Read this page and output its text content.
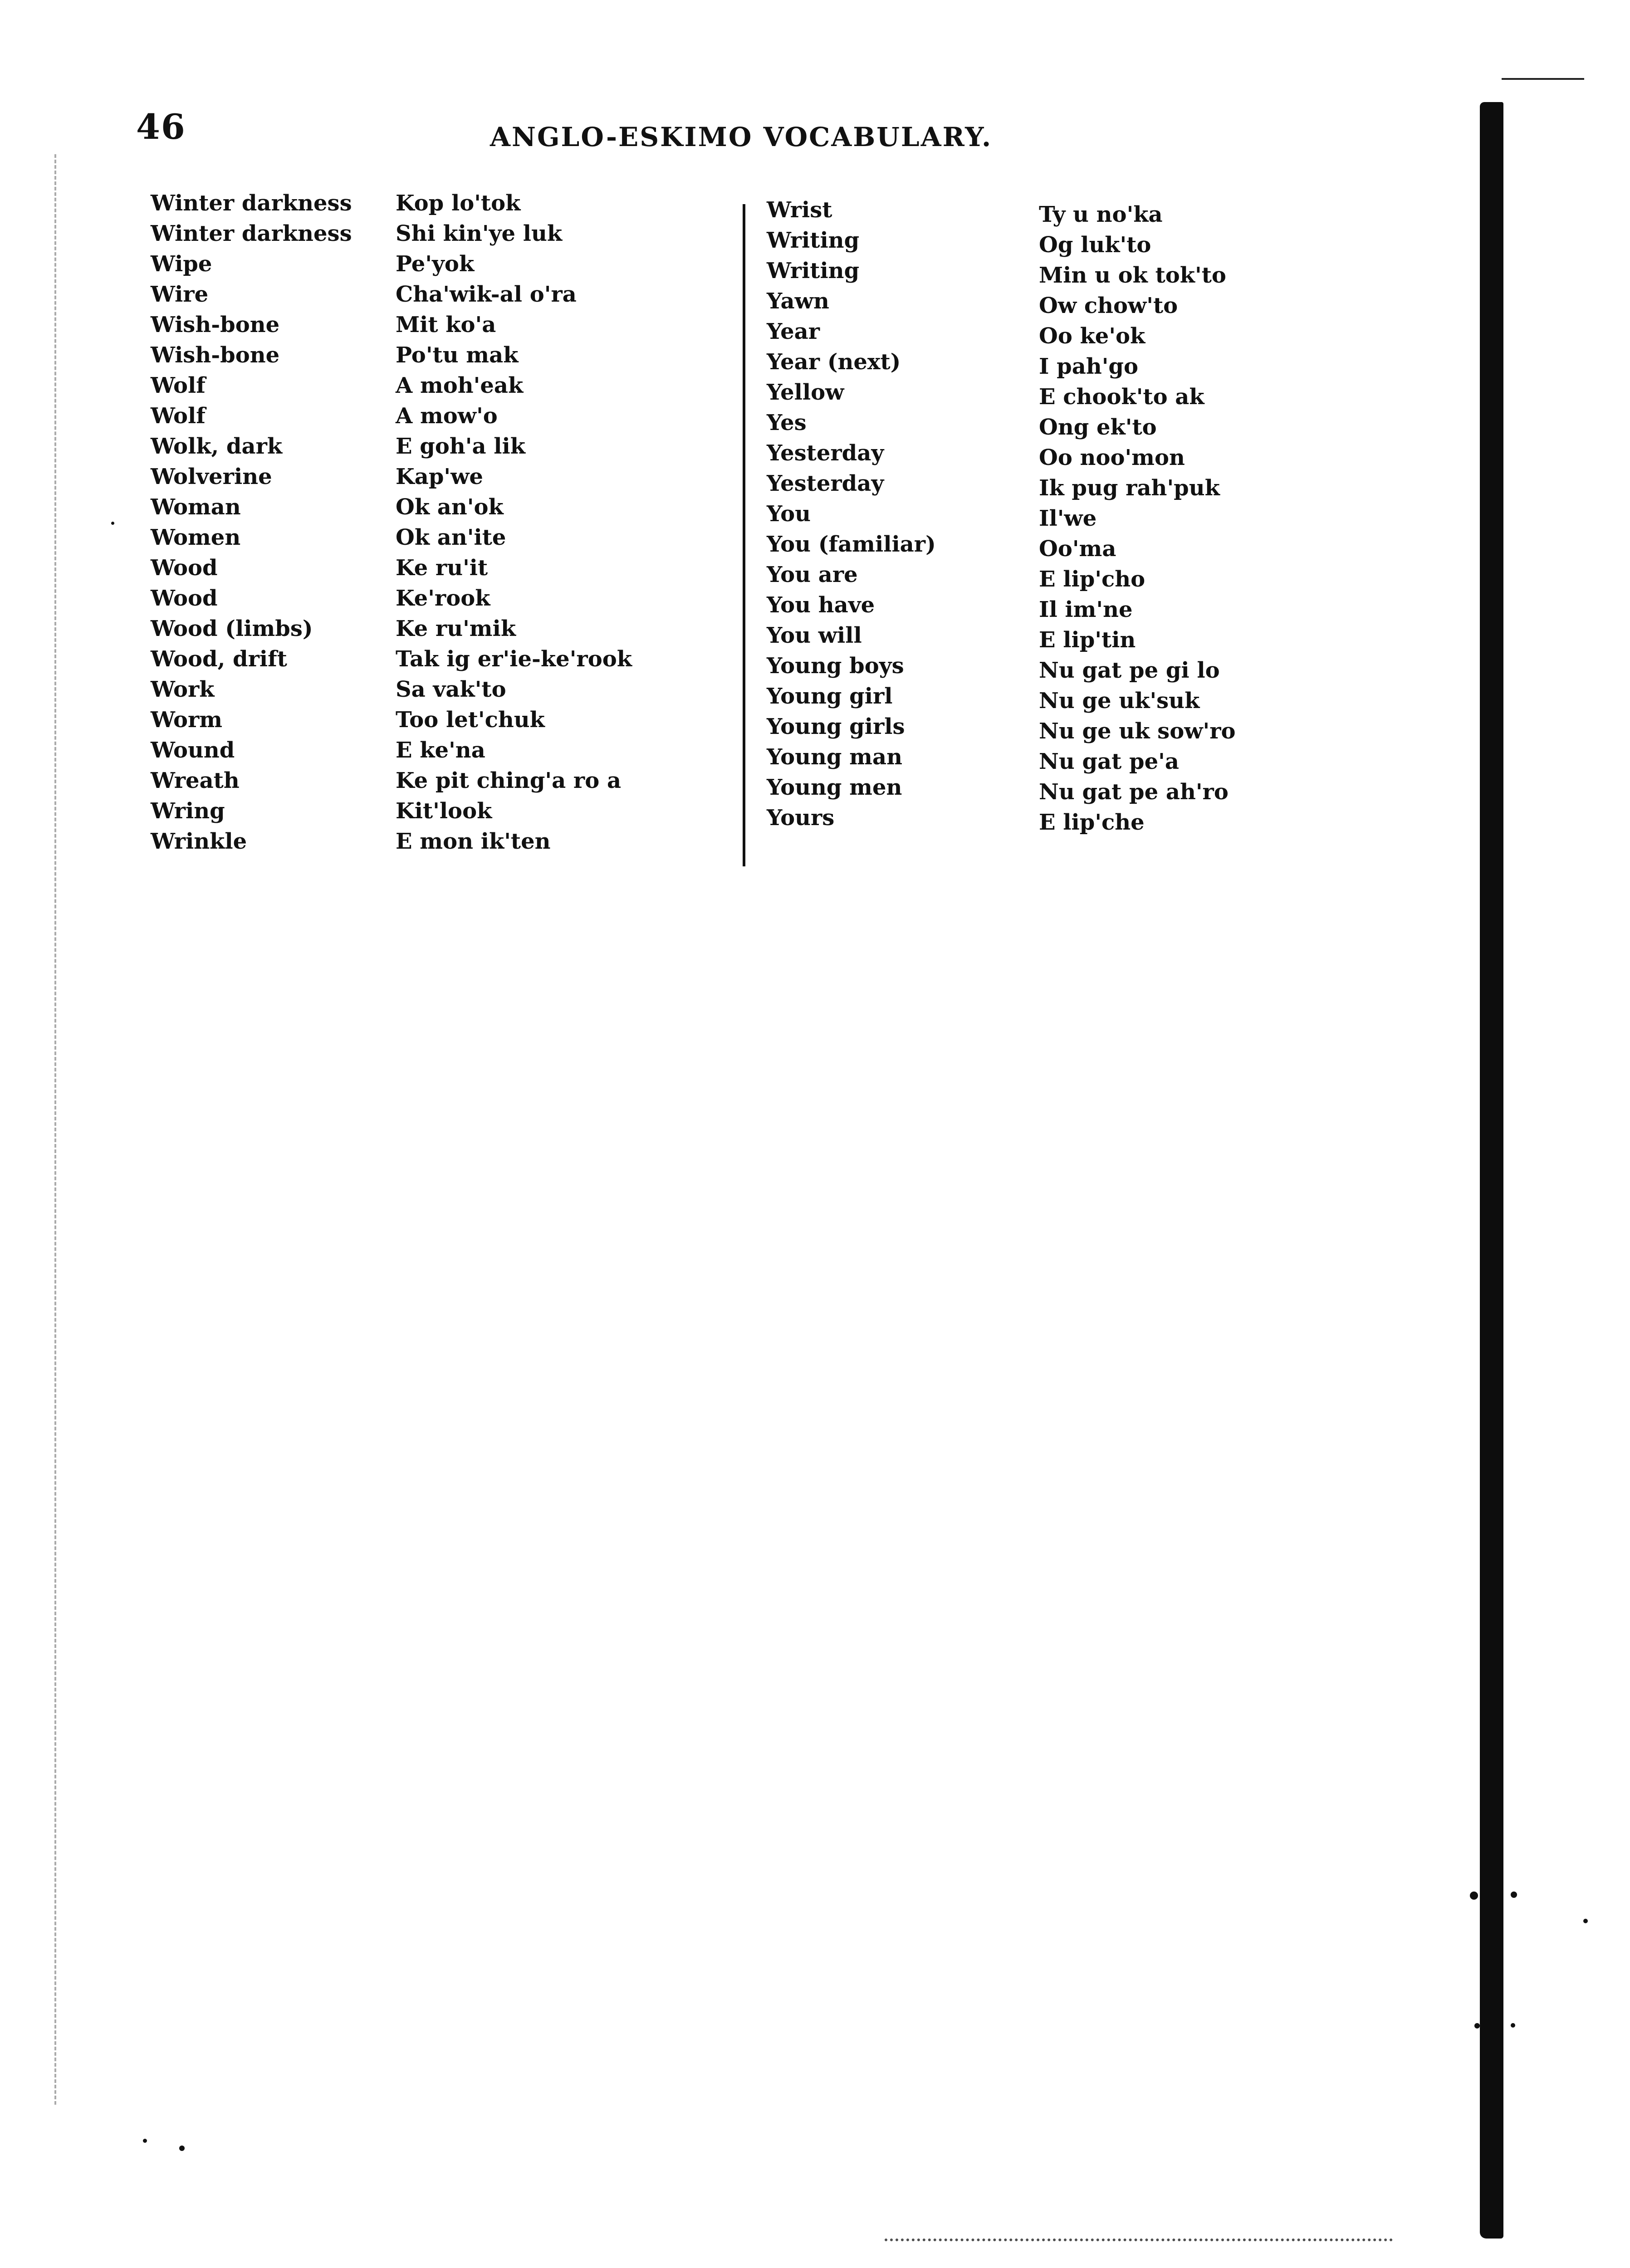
46	ANGLO-ESKIMO VOCABULARY.
Winter darkness
Winter darkness
Wipe
Wire
Wish-bone
Wish-bone
Wolf
Wolf
Wolk, dark
Wolverine
Woman
Women
Wood
Wood
Wood (limbs)
Wood, drift
Work
Worm
Wound
Wreath
Wring
Wrinkle
Kop lo'tok
Shi kin'ye luk
Pe'yok
Cha'wik-al o'ra
Mit ko'a
Po'tu mak
A moh'eak
A mow'o
E goh'a lik
Kap'we
Ok an'ok
Ok an'ite
Ke ru'it
Ke'rook
Ke ru'mik
Tak ig er'ie-ke'rook
Sa vak'to
Too let'chuk
E ke'na
Ke pit ching'a ro a
Kit'look
E mon ik'ten
Wrist
Writing
Writing
Yawn
Year
Year (next)
Yellow
Yes
Yesterday
Yesterday
You
You (familiar)
You are
You have
You will
Young boys
Young girl
Young girls
Young man
Young men
Yours
Ty u no'ka
Og luk'to
Min u ok tok'to
Ow chow'to
Oo ke'ok
I pah'go
E chook'to ak
Ong ek'to
Oo noo'mon
Ik pug rah'puk
Il'we
Oo'ma
E lip'cho
Il im'ne
E lip'tin
Nu gat pe gi lo
Nu ge uk'suk
Nu ge uk sow'ro
Nu gat pe'a
Nu gat pe ah'ro
E lip'che
